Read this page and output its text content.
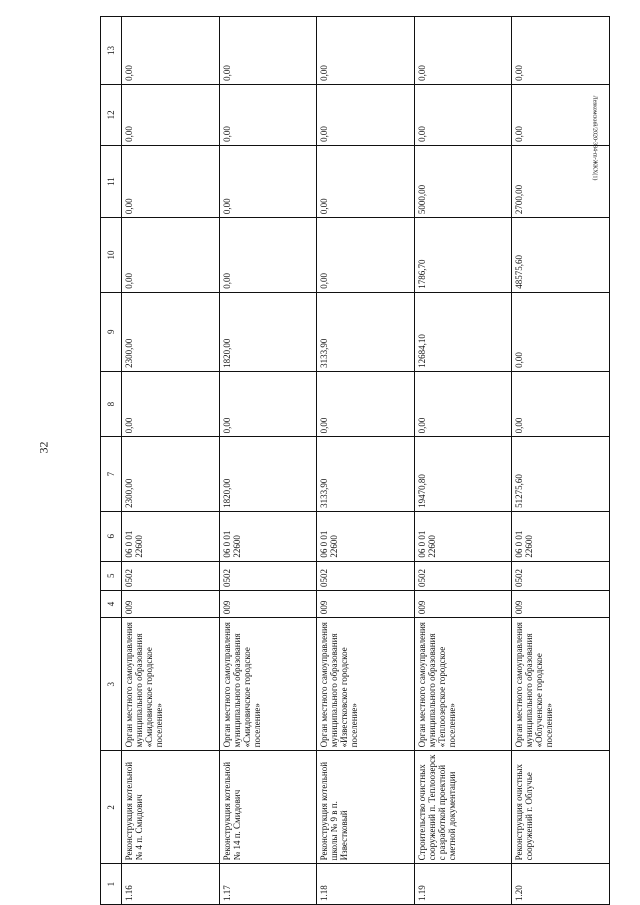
32
Левкомский/2020-384-m-ЖКХ(1)
1	2	3	4	5	6	7	8	9	10	11	12	13
1.16	Реконструкция котельной № 4 п. Смидович	Орган местного самоуправления муниципального образования «Смидовичское городское поселение»	009	0502	06 0 01 22600	2300,00	0,00	2300,00	0,00	0,00	0,00	0,00
1.17	Реконструкция котельной № 14 п. Смидович	Орган местного самоуправления муниципального образования «Смидовичское городское поселение»	009	0502	06 0 01 22600	1820,00	0,00	1820,00	0,00	0,00	0,00	0,00
1.18	Реконструкция котельной школы № 9 в п. Известковый	Орган местного самоуправления муниципального образования «Известковское городское поселение»	009	0502	06 0 01 22600	3133,90	0,00	3133,90	0,00	0,00	0,00	0,00
1.19	Строительство очистных сооружений п. Теплоозерск с разработкой проектной сметной документации	Орган местного самоуправления муниципального образования «Теплоозерское городское поселение»	009	0502	06 0 01 22600	19470,80	0,00	12684,10	1786,70	5000,00	0,00	0,00
1.20	Реконструкция очистных сооружений г. Облучье	Орган местного самоуправления муниципального образования «Облученское городское поселение»	009	0502	06 0 01 22600	51275,60	0,00	0,00	48575,60	2700,00	0,00	0,00
